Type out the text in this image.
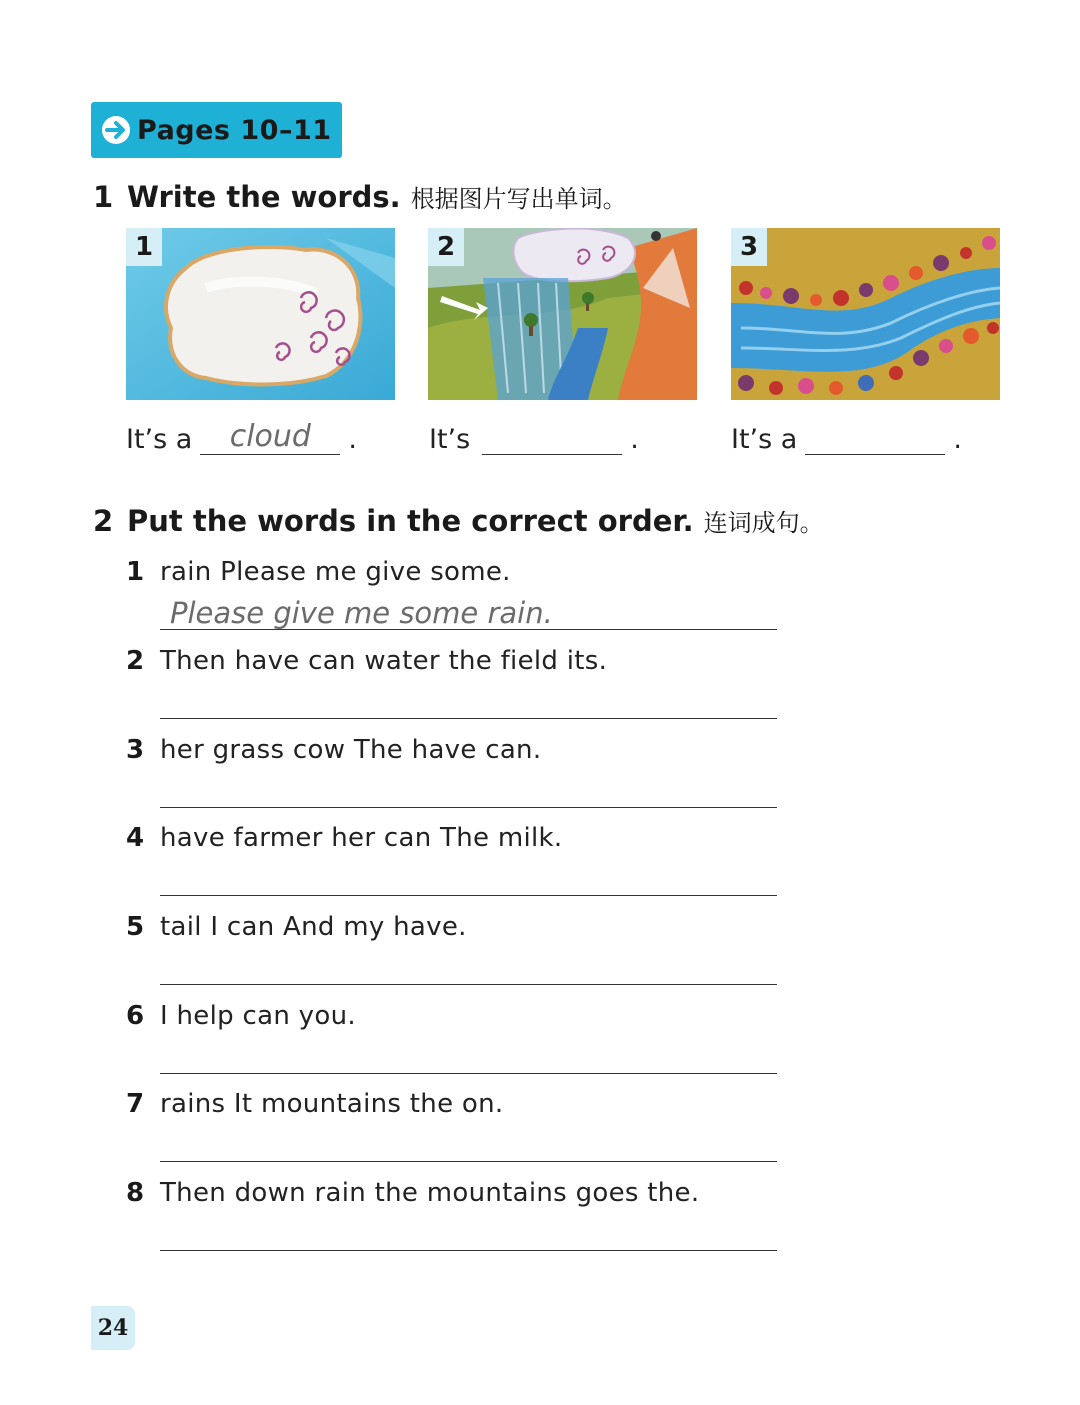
Pages 10–11
1 Write the words. 根据图片写出单词。
1	2	3
It’s a	cloud	.	It’s	.	It’s a	.
2 Put the words in the correct order. 连词成句。
1 rain Please me give some.
Please give me some rain.
2 Then have can water the field its.
3 her grass cow The have can.
4 have farmer her can The milk.
5 tail I can And my have.
6 I help can you.
7 rains It mountains the on.
8 Then down rain the mountains goes the.
24
